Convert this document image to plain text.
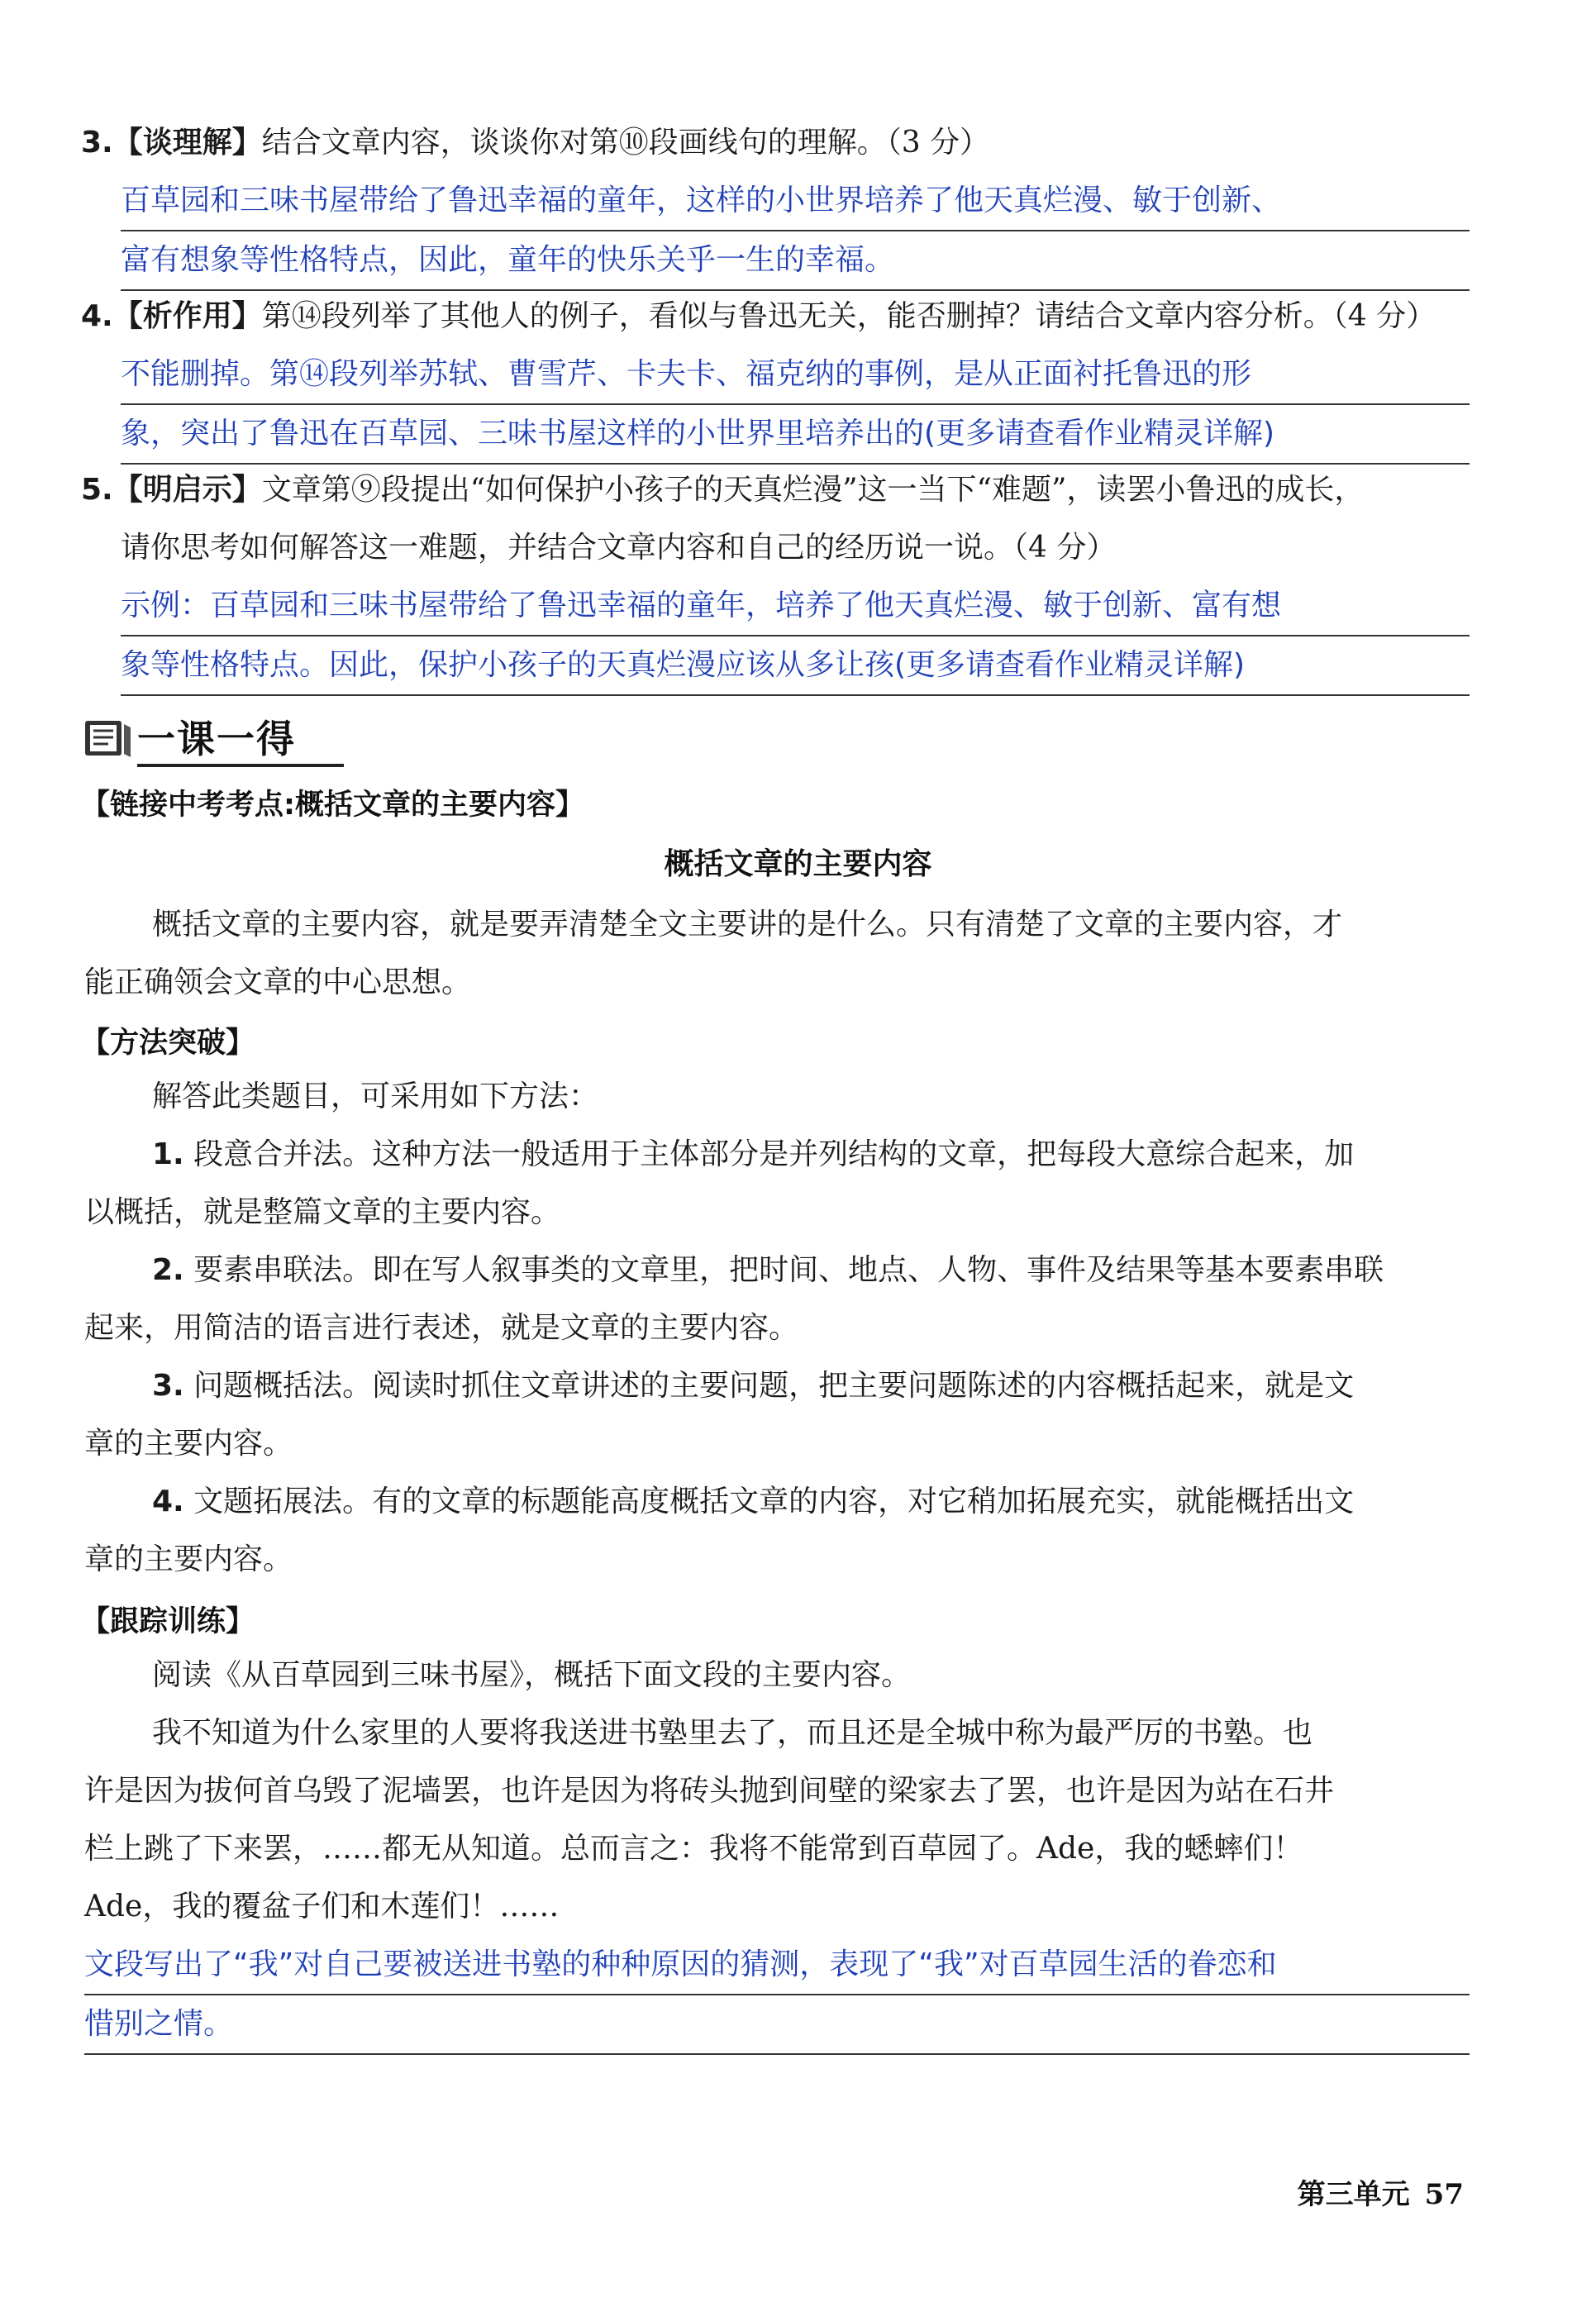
3.【谈理解】结合文章内容，谈谈你对第⑩段画线句的理解。（3 分）
百草园和三味书屋带给了鲁迅幸福的童年，这样的小世界培养了他天真烂漫、敏于创新、
富有想象等性格特点，因此，童年的快乐关乎一生的幸福。
4.【析作用】第⑭段列举了其他人的例子，看似与鲁迅无关，能否删掉？请结合文章内容分析。（4 分）
不能删掉。第⑭段列举苏轼、曹雪芹、卡夫卡、福克纳的事例，是从正面衬托鲁迅的形
象，突出了鲁迅在百草园、三味书屋这样的小世界里培养出的(更多请查看作业精灵详解)
5.【明启示】文章第⑨段提出“如何保护小孩子的天真烂漫”这一当下“难题”，读罢小鲁迅的成长，
请你思考如何解答这一难题，并结合文章内容和自己的经历说一说。（4 分）
示例：百草园和三味书屋带给了鲁迅幸福的童年，培养了他天真烂漫、敏于创新、富有想
象等性格特点。因此，保护小孩子的天真烂漫应该从多让孩(更多请查看作业精灵详解)
一课一得
【链接中考考点:概括文章的主要内容】
概括文章的主要内容
概括文章的主要内容，就是要弄清楚全文主要讲的是什么。只有清楚了文章的主要内容，才
能正确领会文章的中心思想。
【方法突破】
解答此类题目，可采用如下方法：
1. 段意合并法。这种方法一般适用于主体部分是并列结构的文章，把每段大意综合起来，加
以概括，就是整篇文章的主要内容。
2. 要素串联法。即在写人叙事类的文章里，把时间、地点、人物、事件及结果等基本要素串联
起来，用简洁的语言进行表述，就是文章的主要内容。
3. 问题概括法。阅读时抓住文章讲述的主要问题，把主要问题陈述的内容概括起来，就是文
章的主要内容。
4. 文题拓展法。有的文章的标题能高度概括文章的内容，对它稍加拓展充实，就能概括出文
章的主要内容。
【跟踪训练】
阅读《从百草园到三味书屋》，概括下面文段的主要内容。
我不知道为什么家里的人要将我送进书塾里去了，而且还是全城中称为最严厉的书塾。也
许是因为拔何首乌毁了泥墙罢，也许是因为将砖头抛到间壁的梁家去了罢，也许是因为站在石井
栏上跳了下来罢，……都无从知道。总而言之：我将不能常到百草园了。Ade，我的蟋蟀们！
Ade，我的覆盆子们和木莲们！……
文段写出了“我”对自己要被送进书塾的种种原因的猜测，表现了“我”对百草园生活的眷恋和
惜别之情。
第三单元 57
